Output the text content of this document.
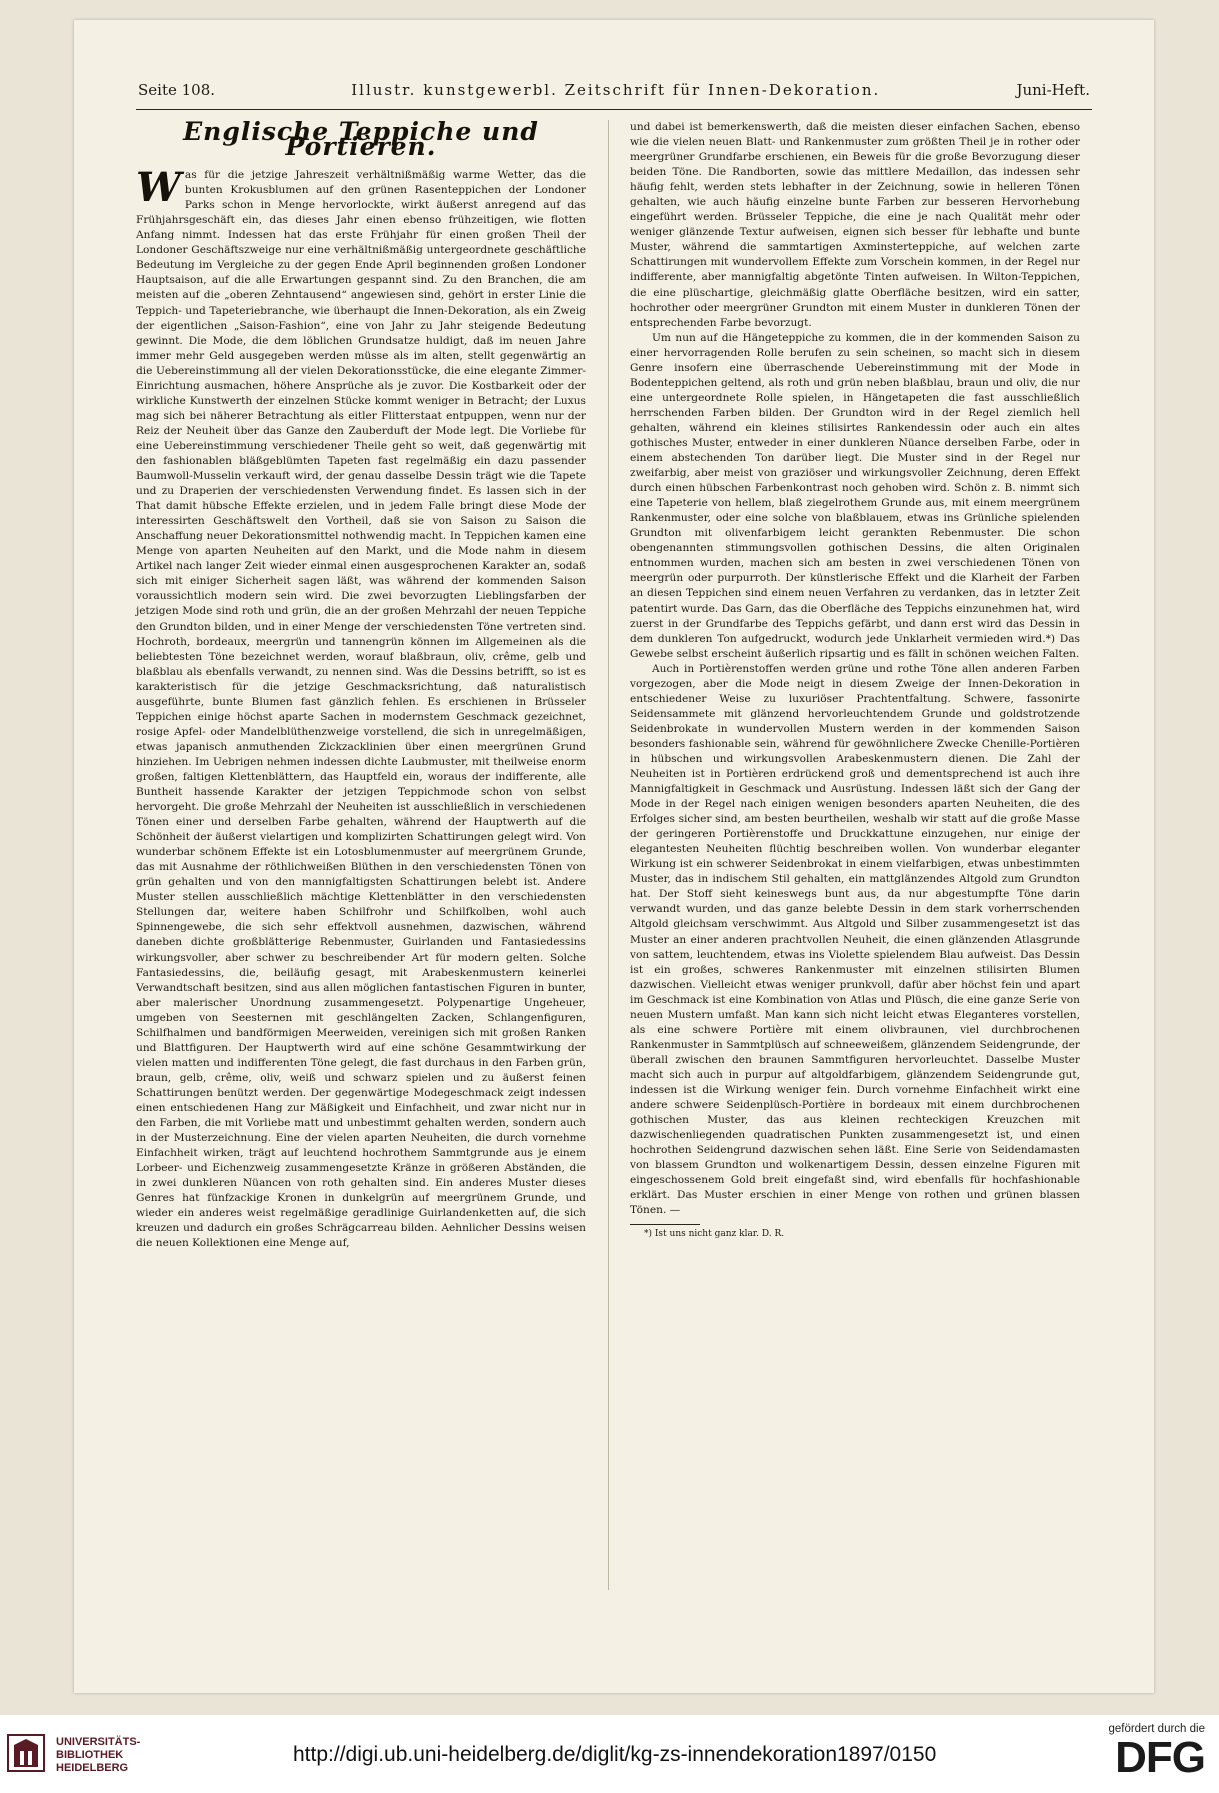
Seite 108.	Illustr. kunstgewerbl. Zeitschrift für Innen-Dekoration.	Juni-Heft.
Englische Teppiche und Portièren.
W as für die jetzige Jahreszeit verhältnißmäßig warme Wetter, das die bunten Krokusblumen auf den grünen Rasenteppichen der Londoner Parks schon in Menge hervorlockte, wirkt äußerst anregend auf das Frühjahrsgeschäft ein, das dieses Jahr einen ebenso frühzeitigen, wie flotten Anfang nimmt. Indessen hat das erste Frühjahr für einen großen Theil der Londoner Geschäftszweige nur eine verhältnißmäßig untergeordnete geschäftliche Bedeutung im Vergleiche zu der gegen Ende April beginnenden großen Londoner Hauptsaison, auf die alle Erwartungen gespannt sind. Zu den Branchen, die am meisten auf die „oberen Zehntausend“ angewiesen sind, gehört in erster Linie die Teppich- und Tapeteriebranche, wie überhaupt die Innen-Dekoration, als ein Zweig der eigentlichen „Saison-Fashion“, eine von Jahr zu Jahr steigende Bedeutung gewinnt. Die Mode, die dem löblichen Grundsatze huldigt, daß im neuen Jahre immer mehr Geld ausgegeben werden müsse als im alten, stellt gegenwärtig an die Uebereinstimmung all der vielen Dekorationsstücke, die eine elegante Zimmer-Einrichtung ausmachen, höhere Ansprüche als je zuvor. Die Kostbarkeit oder der wirkliche Kunstwerth der einzelnen Stücke kommt weniger in Betracht; der Luxus mag sich bei näherer Betrachtung als eitler Flitterstaat entpuppen, wenn nur der Reiz der Neuheit über das Ganze den Zauberduft der Mode legt. Die Vorliebe für eine Uebereinstimmung verschiedener Theile geht so weit, daß gegenwärtig mit den fashionablen bläßgeblümten Tapeten fast regelmäßig ein dazu passender Baumwoll-Musselin verkauft wird, der genau dasselbe Dessin trägt wie die Tapete und zu Draperien der verschiedensten Verwendung findet. Es lassen sich in der That damit hübsche Effekte erzielen, und in jedem Falle bringt diese Mode der interessirten Geschäftswelt den Vortheil, daß sie von Saison zu Saison die Anschaffung neuer Dekorationsmittel nothwendig macht. In Teppichen kamen eine Menge von aparten Neuheiten auf den Markt, und die Mode nahm in diesem Artikel nach langer Zeit wieder einmal einen ausgesprochenen Karakter an, sodaß sich mit einiger Sicherheit sagen läßt, was während der kommenden Saison voraussichtlich modern sein wird. Die zwei bevorzugten Lieblingsfarben der jetzigen Mode sind roth und grün, die an der großen Mehrzahl der neuen Teppiche den Grundton bilden, und in einer Menge der verschiedensten Töne vertreten sind. Hochroth, bordeaux, meergrün und tannengrün können im Allgemeinen als die beliebtesten Töne bezeichnet werden, worauf blaßbraun, oliv, crême, gelb und blaßblau als ebenfalls verwandt, zu nennen sind. Was die Dessins betrifft, so ist es karakteristisch für die jetzige Geschmacksrichtung, daß naturalistisch ausgeführte, bunte Blumen fast gänzlich fehlen. Es erschienen in Brüsseler Teppichen einige höchst aparte Sachen in modernstem Geschmack gezeichnet, rosige Apfel- oder Mandelblüthenzweige vorstellend, die sich in unregelmäßigen, etwas japanisch anmuthenden Zickzacklinien über einen meergrünen Grund hinziehen. Im Uebrigen nehmen indessen dichte Laubmuster, mit theilweise enorm großen, faltigen Klettenblättern, das Hauptfeld ein, woraus der indifferente, alle Buntheit hassende Karakter der jetzigen Teppichmode schon von selbst hervorgeht. Die große Mehrzahl der Neuheiten ist ausschließlich in verschiedenen Tönen einer und derselben Farbe gehalten, während der Hauptwerth auf die Schönheit der äußerst vielartigen und komplizirten Schattirungen gelegt wird. Von wunderbar schönem Effekte ist ein Lotosblumenmuster auf meergrünem Grunde, das mit Ausnahme der röthlichweißen Blüthen in den verschiedensten Tönen von grün gehalten und von den mannigfaltigsten Schattirungen belebt ist. Andere Muster stellen ausschließlich mächtige Klettenblätter in den verschiedensten Stellungen dar, weitere haben Schilfrohr und Schilfkolben, wohl auch Spinnengewebe, die sich sehr effektvoll ausnehmen, dazwischen, während daneben dichte großblätterige Rebenmuster, Guirlanden und Fantasiedessins wirkungsvoller, aber schwer zu beschreibender Art für modern gelten. Solche Fantasiedessins, die, beiläufig gesagt, mit Arabeskenmustern keinerlei Verwandtschaft besitzen, sind aus allen möglichen fantastischen Figuren in bunter, aber malerischer Unordnung zusammengesetzt. Polypenartige Ungeheuer, umgeben von Seesternen mit geschlängelten Zacken, Schlangenfiguren, Schilfhalmen und bandförmigen Meerweiden, vereinigen sich mit großen Ranken und Blattfiguren. Der Hauptwerth wird auf eine schöne Gesammtwirkung der vielen matten und indifferenten Töne gelegt, die fast durchaus in den Farben grün, braun, gelb, crême, oliv, weiß und schwarz spielen und zu äußerst feinen Schattirungen benützt werden. Der gegenwärtige Modegeschmack zeigt indessen einen entschiedenen Hang zur Mäßigkeit und Einfachheit, und zwar nicht nur in den Farben, die mit Vorliebe matt und unbestimmt gehalten werden, sondern auch in der Musterzeichnung. Eine der vielen aparten Neuheiten, die durch vornehme Einfachheit wirken, trägt auf leuchtend hochrothem Sammtgrunde aus je einem Lorbeer- und Eichenzweig zusammengesetzte Kränze in größeren Abständen, die in zwei dunkleren Nüancen von roth gehalten sind. Ein anderes Muster dieses Genres hat fünfzackige Kronen in dunkelgrün auf meergrünem Grunde, und wieder ein anderes weist regelmäßige geradlinige Guirlandenketten auf, die sich kreuzen und dadurch ein großes Schrägcarreau bilden. Aehnlicher Dessins weisen die neuen Kollektionen eine Menge auf,

und dabei ist bemerkenswerth, daß die meisten dieser einfachen Sachen, ebenso wie die vielen neuen Blatt- und Rankenmuster zum größten Theil je in rother oder meergrüner Grundfarbe erschienen, ein Beweis für die große Bevorzugung dieser beiden Töne. Die Randborten, sowie das mittlere Medaillon, das indessen sehr häufig fehlt, werden stets lebhafter in der Zeichnung, sowie in helleren Tönen gehalten, wie auch häufig einzelne bunte Farben zur besseren Hervorhebung eingeführt werden. Brüsseler Teppiche, die eine je nach Qualität mehr oder weniger glänzende Textur aufweisen, eignen sich besser für lebhafte und bunte Muster, während die sammtartigen Axminsterteppiche, auf welchen zarte Schattirungen mit wundervollem Effekte zum Vorschein kommen, in der Regel nur indifferente, aber mannigfaltig abgetönte Tinten aufweisen. In Wilton-Teppichen, die eine plüschartige, gleichmäßig glatte Oberfläche besitzen, wird ein satter, hochrother oder meergrüner Grundton mit einem Muster in dunkleren Tönen der entsprechenden Farbe bevorzugt.

Um nun auf die Hängeteppiche zu kommen, die in der kommenden Saison zu einer hervorragenden Rolle berufen zu sein scheinen, so macht sich in diesem Genre insofern eine überraschende Uebereinstimmung mit der Mode in Bodenteppichen geltend, als roth und grün neben blaßblau, braun und oliv, die nur eine untergeordnete Rolle spielen, in Hängetapeten die fast ausschließlich herrschenden Farben bilden. Der Grundton wird in der Regel ziemlich hell gehalten, während ein kleines stilisirtes Rankendessin oder auch ein altes gothisches Muster, entweder in einer dunkleren Nüance derselben Farbe, oder in einem abstechenden Ton darüber liegt. Die Muster sind in der Regel nur zweifarbig, aber meist von graziöser und wirkungsvoller Zeichnung, deren Effekt durch einen hübschen Farbenkontrast noch gehoben wird. Schön z. B. nimmt sich eine Tapeterie von hellem, blaß ziegelrothem Grunde aus, mit einem meergrünem Rankenmuster, oder eine solche von blaßblauem, etwas ins Grünliche spielenden Grundton mit olivenfarbigem leicht gerankten Rebenmuster. Die schon obengenannten stimmungsvollen gothischen Dessins, die alten Originalen entnommen wurden, machen sich am besten in zwei verschiedenen Tönen von meergrün oder purpurroth. Der künstlerische Effekt und die Klarheit der Farben an diesen Teppichen sind einem neuen Verfahren zu verdanken, das in letzter Zeit patentirt wurde. Das Garn, das die Oberfläche des Teppichs einzunehmen hat, wird zuerst in der Grundfarbe des Teppichs gefärbt, und dann erst wird das Dessin in dem dunkleren Ton aufgedruckt, wodurch jede Unklarheit vermieden wird.*) Das Gewebe selbst erscheint äußerlich ripsartig und es fällt in schönen weichen Falten.

Auch in Portièrenstoffen werden grüne und rothe Töne allen anderen Farben vorgezogen, aber die Mode neigt in diesem Zweige der Innen-Dekoration in entschiedener Weise zu luxuriöser Prachtentfaltung. Schwere, fassonirte Seidensammete mit glänzend hervorleuchtendem Grunde und goldstrotzende Seidenbrokate in wundervollen Mustern werden in der kommenden Saison besonders fashionable sein, während für gewöhnlichere Zwecke Chenille-Portièren in hübschen und wirkungsvollen Arabeskenmustern dienen. Die Zahl der Neuheiten ist in Portièren erdrückend groß und dementsprechend ist auch ihre Mannigfaltigkeit in Geschmack und Ausrüstung. Indessen läßt sich der Gang der Mode in der Regel nach einigen wenigen besonders aparten Neuheiten, die des Erfolges sicher sind, am besten beurtheilen, weshalb wir statt auf die große Masse der geringeren Portièrenstoffe und Druckkattune einzugehen, nur einige der elegantesten Neuheiten flüchtig beschreiben wollen. Von wunderbar eleganter Wirkung ist ein schwerer Seidenbrokat in einem vielfarbigen, etwas unbestimmten Muster, das in indischem Stil gehalten, ein mattglänzendes Altgold zum Grundton hat. Der Stoff sieht keineswegs bunt aus, da nur abgestumpfte Töne darin verwandt wurden, und das ganze belebte Dessin in dem stark vorherrschenden Altgold gleichsam verschwimmt. Aus Altgold und Silber zusammengesetzt ist das Muster an einer anderen prachtvollen Neuheit, die einen glänzenden Atlasgrunde von sattem, leuchtendem, etwas ins Violette spielendem Blau aufweist. Das Dessin ist ein großes, schweres Rankenmuster mit einzelnen stilisirten Blumen dazwischen. Vielleicht etwas weniger prunkvoll, dafür aber höchst fein und apart im Geschmack ist eine Kombination von Atlas und Plüsch, die eine ganze Serie von neuen Mustern umfaßt. Man kann sich nicht leicht etwas Eleganteres vorstellen, als eine schwere Portière mit einem olivbraunen, viel durchbrochenen Rankenmuster in Sammtplüsch auf schneeweißem, glänzendem Seidengrunde, der überall zwischen den braunen Sammtfiguren hervorleuchtet. Dasselbe Muster macht sich auch in purpur auf altgoldfarbigem, glänzendem Seidengrunde gut, indessen ist die Wirkung weniger fein. Durch vornehme Einfachheit wirkt eine andere schwere Seidenplüsch-Portière in bordeaux mit einem durchbrochenen gothischen Muster, das aus kleinen rechteckigen Kreuzchen mit dazwischenliegenden quadratischen Punkten zusammengesetzt ist, und einen hochrothen Seidengrund dazwischen sehen läßt. Eine Serie von Seidendamasten von blassem Grundton und wolkenartigem Dessin, dessen einzelne Figuren mit eingeschossenem Gold breit eingefaßt sind, wird ebenfalls für hochfashionable erklärt. Das Muster erschien in einer Menge von rothen und grünen blassen Tönen. —

*) Ist uns nicht ganz klar. D. R.
UNIVERSITÄTS-
BIBLIOTHEK
HEIDELBERG
http://digi.ub.uni-heidelberg.de/diglit/kg-zs-innendekoration1897/0150
gefördert durch die
DFG
